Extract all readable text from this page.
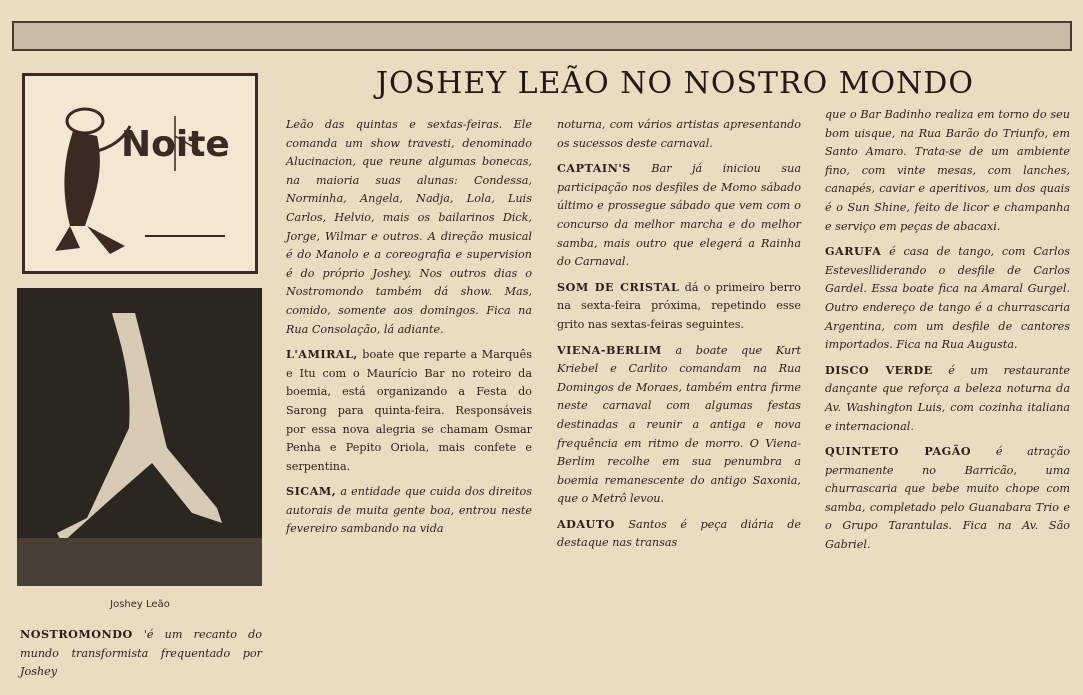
JOSHEY LEÃO NO NOSTRO MONDO
Noite
Joshey Leão

NOSTROMONDO 'é um recanto do mundo transformista frequentado por Joshey

Leão das quintas e sextas-feiras. Ele comanda um show travesti, denominado Alucinacion, que reune algumas bonecas, na maioria suas alunas: Condessa, Norminha, Angela, Nadja, Lola, Luis Carlos, Helvio, mais os bailarinos Dick, Jorge, Wilmar e outros. A direção musical é do Manolo e a coreografia e supervision é do próprio Joshey. Nos outros dias o Nostromondo também dá show. Mas, comido, somente aos domingos. Fica na Rua Consolação, lá adiante.

L'AMIRAL, boate que reparte a Marquês e Itu com o Maurício Bar no roteiro da boemia, está organizando a Festa do Sarong para quinta-feira. Responsáveis por essa nova alegria se chamam Osmar Penha e Pepito Oriola, mais confete e serpentina.

SICAM, a entidade que cuida dos direitos autorais de muita gente boa, entrou neste fevereiro sambando na vida

noturna, com vários artistas apresentando os sucessos deste carnaval.

CAPTAIN'S Bar já iniciou sua participação nos desfiles de Momo sábado último e prossegue sábado que vem com o concurso da melhor marcha e do melhor samba, mais outro que elegerá a Rainha do Carnaval.

SOM DE CRISTAL dá o primeiro berro na sexta-feira próxima, repetindo esse grito nas sextas-feiras seguintes.

VIENA-BERLIM a boate que Kurt Kriebel e Carlito comandam na Rua Domingos de Moraes, também entra firme neste carnaval com algumas festas destinadas a reunir a antiga e nova frequência em ritmo de morro. O Viena-Berlim recolhe em sua penumbra a boemia remanescente do antigo Saxonia, que o Metrô levou.

ADAUTO Santos é peça diária de destaque nas transas

que o Bar Badinho realiza em torno do seu bom uisque, na Rua Barão do Triunfo, em Santo Amaro. Trata-se de um ambiente fino, com vinte mesas, com lanches, canapés, caviar e aperitivos, um dos quais é o Sun Shine, feito de licor e champanha e serviço em peças de abacaxi.

GARUFA é casa de tango, com Carlos Esteveslliderando o desfile de Carlos Gardel. Essa boate fica na Amaral Gurgel. Outro endereço de tango é a churrascaria Argentina, com um desfile de cantores importados. Fica na Rua Augusta.

DISCO VERDE é um restaurante dançante que reforça a beleza noturna da Av. Washington Luis, com cozinha italiana e internacional.

QUINTETO PAGÃO é atração permanente no Barricão, uma churrascaria que bebe muito chope com samba, completado pelo Guanabara Trio e o Grupo Tarantulas. Fica na Av. São Gabriel.
